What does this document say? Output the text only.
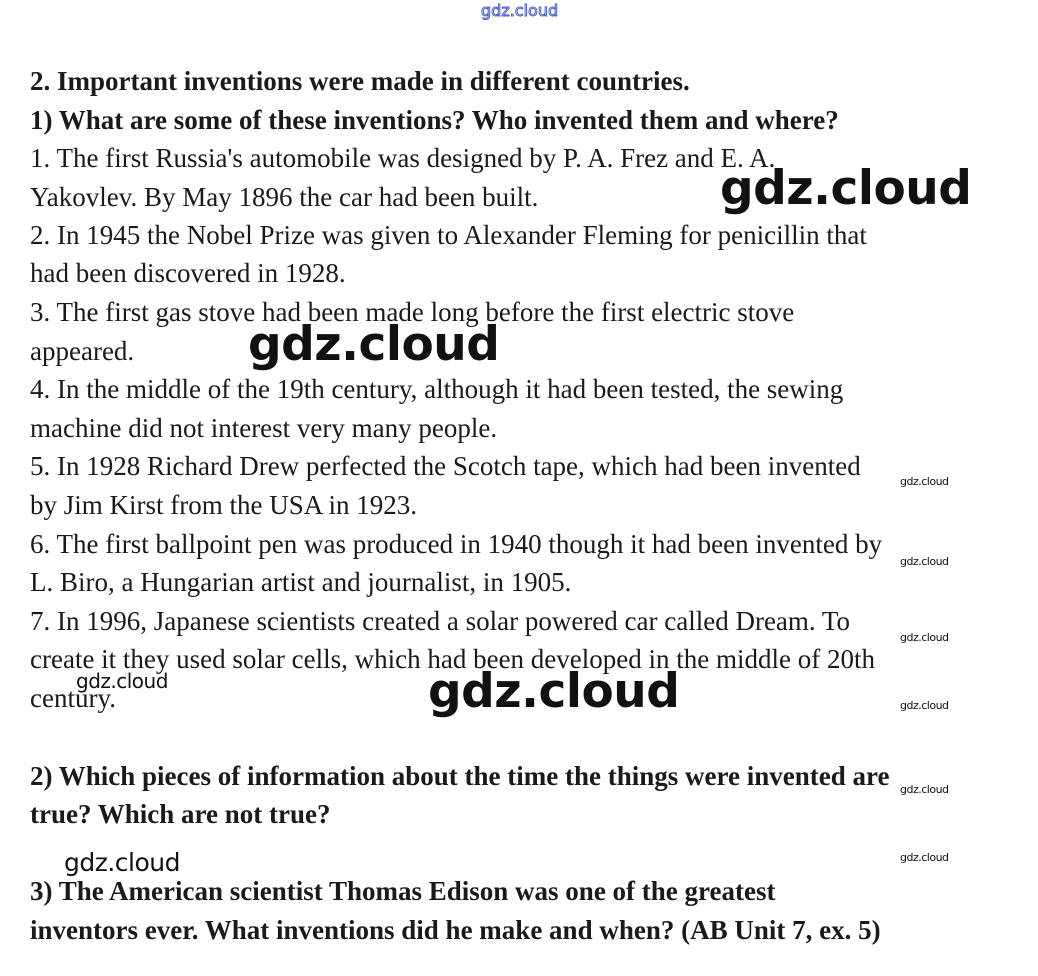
2. Important inventions were made in different countries.
1) What are some of these inventions? Who invented them and where?
1. The first Russia's automobile was designed by P. A. Frez and E. A.
Yakovlev. By May 1896 the car had been built.
2. In 1945 the Nobel Prize was given to Alexander Fleming for penicillin that
had been discovered in 1928.
3. The first gas stove had been made long before the first electric stove
appeared.
4. In the middle of the 19th century, although it had been tested, the sewing
machine did not interest very many people.
5. In 1928 Richard Drew perfected the Scotch tape, which had been invented
by Jim Kirst from the USA in 1923.
6. The first ballpoint pen was produced in 1940 though it had been invented by
L. Biro, a Hungarian artist and journalist, in 1905.
7. In 1996, Japanese scientists created a solar powered car called Dream. To
create it they used solar cells, which had been developed in the middle of 20th
century.
2) Which pieces of information about the time the things were invented are
true? Which are not true?
3) The American scientist Thomas Edison was one of the greatest
inventors ever. What inventions did he make and when? (AB Unit 7, ex. 5)
gdz.cloud
gdz.cloud
gdz.cloud
gdz.cloud
gdz.cloud
gdz.cloud
gdz.cloud
gdz.cloud
gdz.cloud
gdz.cloud
gdz.cloud
gdz.cloud
